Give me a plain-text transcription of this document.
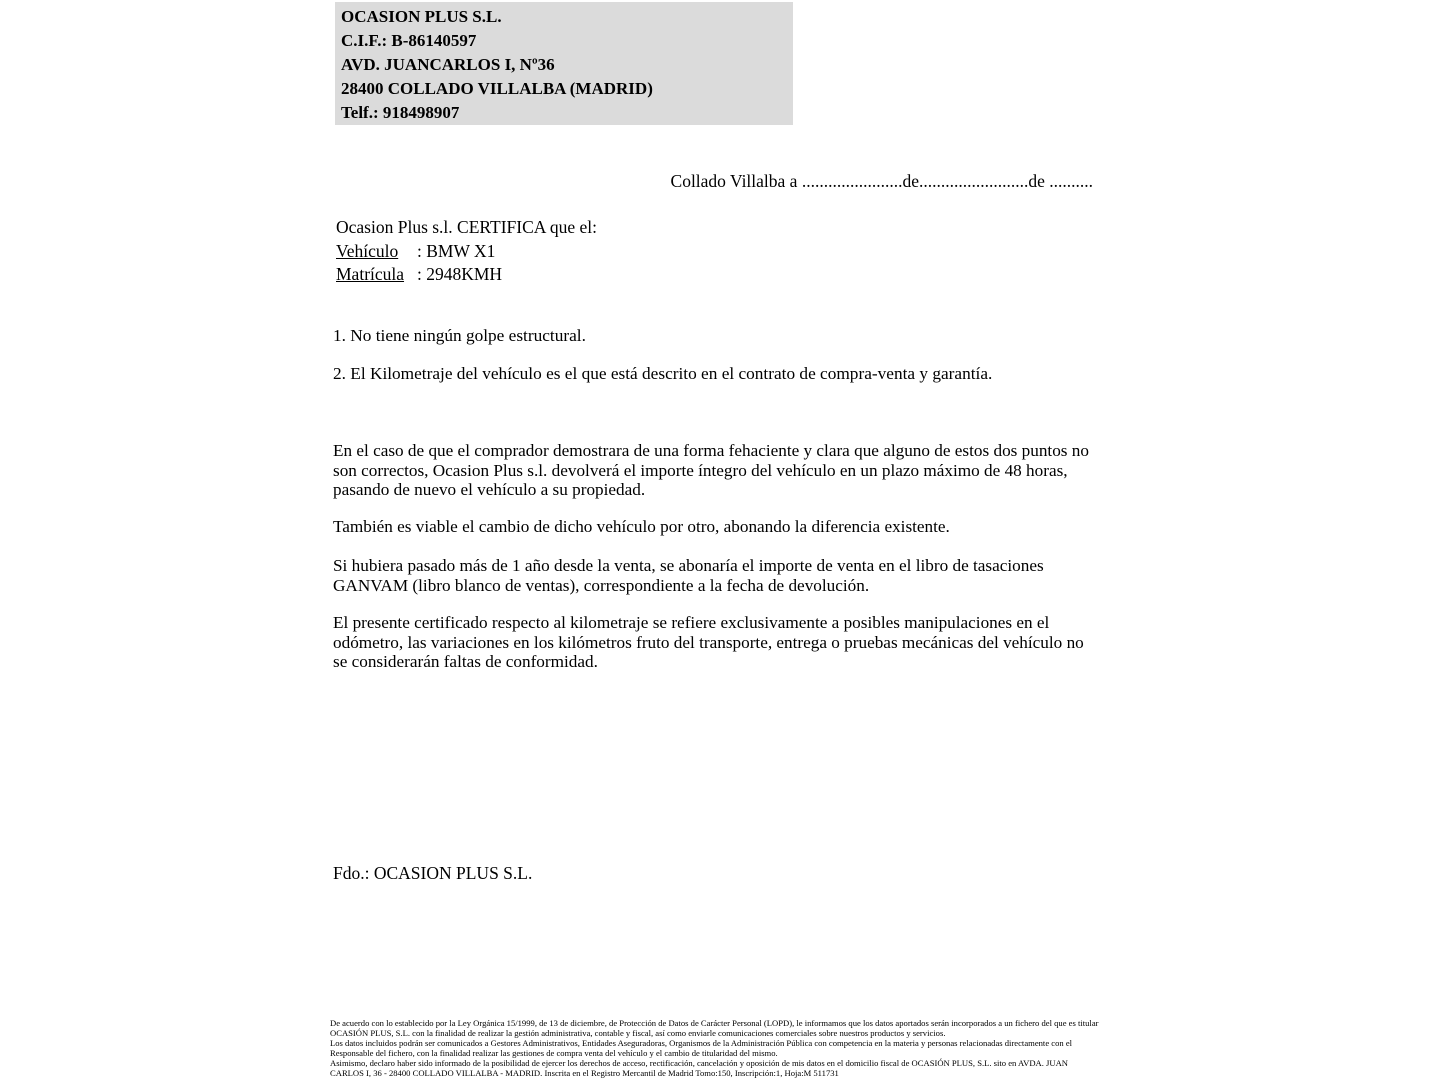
OCASION PLUS S.L.
C.I.F.: B-86140597
AVD. JUANCARLOS I, Nº36
28400 COLLADO VILLALBA (MADRID)
Telf.: 918498907
Collado Villalba a .......................de.........................de ..........
Ocasion Plus s.l. CERTIFICA que el:
Vehículo	: BMW X1
Matrícula : 2948KMH
1. No tiene ningún golpe estructural.
2. El Kilometraje del vehículo es el que está descrito en el contrato de compra-venta y garantía.
En el caso de que el comprador demostrara de una forma fehaciente y clara que alguno de estos dos puntos no son correctos, Ocasion Plus s.l. devolverá el importe íntegro del vehículo en un plazo máximo de 48 horas, pasando de nuevo el vehículo a su propiedad.
También es viable el cambio de dicho vehículo por otro, abonando la diferencia existente.
Si hubiera pasado más de 1 año desde la venta, se abonaría el importe de venta en el libro de tasaciones GANVAM (libro blanco de ventas), correspondiente a la fecha de devolución.
El presente certificado respecto al kilometraje se refiere exclusivamente a posibles manipulaciones en el odómetro, las variaciones en los kilómetros fruto del transporte, entrega o pruebas mecánicas del vehículo no se considerarán faltas de conformidad.
Fdo.: OCASION PLUS S.L.
De acuerdo con lo establecido por la Ley Orgánica 15/1999, de 13 de diciembre, de Protección de Datos de Carácter Personal (LOPD), le informamos que los datos aportados serán incorporados a un fichero del que es titular
OCASIÓN PLUS, S.L. con la finalidad de realizar la gestión administrativa, contable y fiscal, así como enviarle comunicaciones comerciales sobre nuestros productos y servicios.
Los datos incluidos podrán ser comunicados a Gestores Administrativos, Entidades Aseguradoras, Organismos de la Administración Pública con competencia en la materia y personas relacionadas directamente con el
Responsable del fichero, con la finalidad realizar las gestiones de compra venta del vehículo y el cambio de titularidad del mismo.
Asimismo, declaro haber sido informado de la posibilidad de ejercer los derechos de acceso, rectificación, cancelación y oposición de mis datos en el domicilio fiscal de OCASIÓN PLUS, S.L. sito en AVDA. JUAN
CARLOS I, 36 - 28400 COLLADO VILLALBA - MADRID. Inscrita en el Registro Mercantil de Madrid Tomo:150, Inscripción:1, Hoja:M 511731
